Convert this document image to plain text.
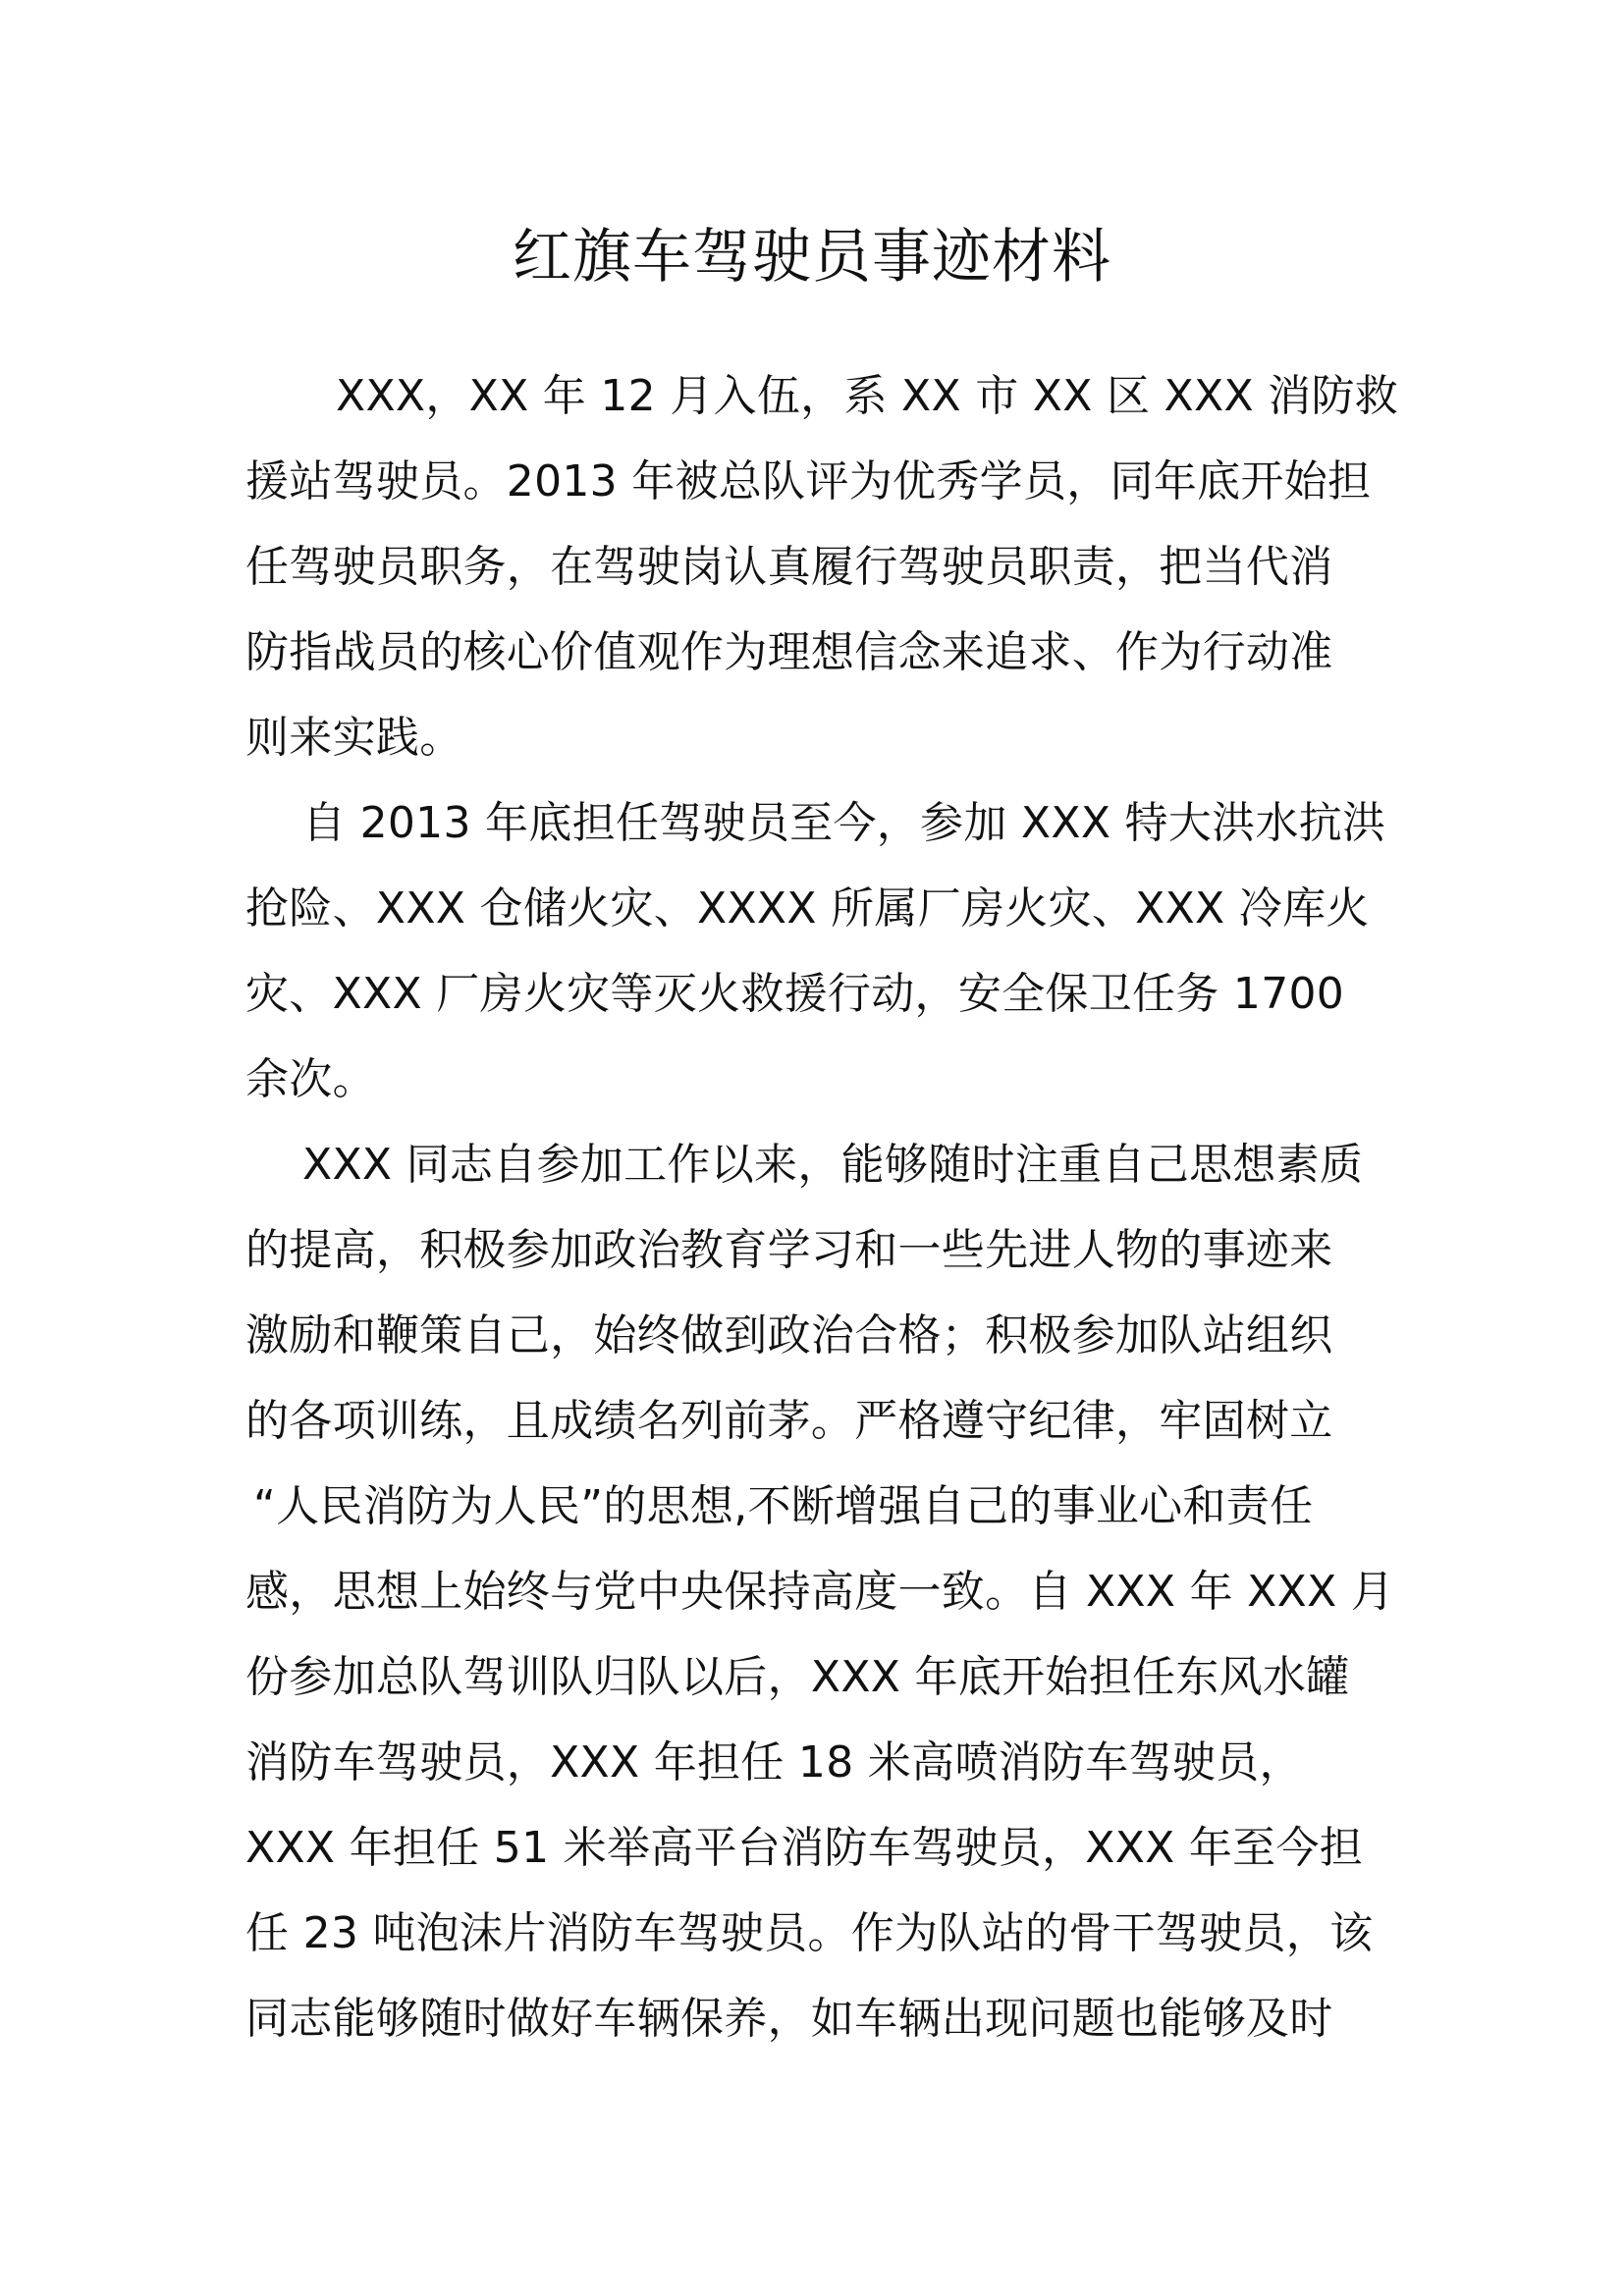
红旗车驾驶员事迹材料
XXX，XX 年 12 月入伍，系 XX 市 XX 区 XXX 消防救
援站驾驶员。2013 年被总队评为优秀学员，同年底开始担
任驾驶员职务，在驾驶岗认真履行驾驶员职责，把当代消
防指战员的核心价值观作为理想信念来追求、作为行动准
则来实践。
自 2013 年底担任驾驶员至今，参加 XXX 特大洪水抗洪
抢险、XXX 仓储火灾、XXXX 所属厂房火灾、XXX 冷库火
灾、XXX 厂房火灾等灭火救援行动，安全保卫任务 1700
余次。
XXX 同志自参加工作以来，能够随时注重自己思想素质
的提高，积极参加政治教育学习和一些先进人物的事迹来
激励和鞭策自己，始终做到政治合格；积极参加队站组织
的各项训练，且成绩名列前茅。严格遵守纪律，牢固树立
“人民消防为人民”的思想,不断增强自己的事业心和责任
感，思想上始终与党中央保持高度一致。自 XXX 年 XXX 月
份参加总队驾训队归队以后，XXX 年底开始担任东风水罐
消防车驾驶员，XXX 年担任 18 米高喷消防车驾驶员，
XXX 年担任 51 米举高平台消防车驾驶员，XXX 年至今担
任 23 吨泡沫片消防车驾驶员。作为队站的骨干驾驶员，该
同志能够随时做好车辆保养，如车辆出现问题也能够及时
